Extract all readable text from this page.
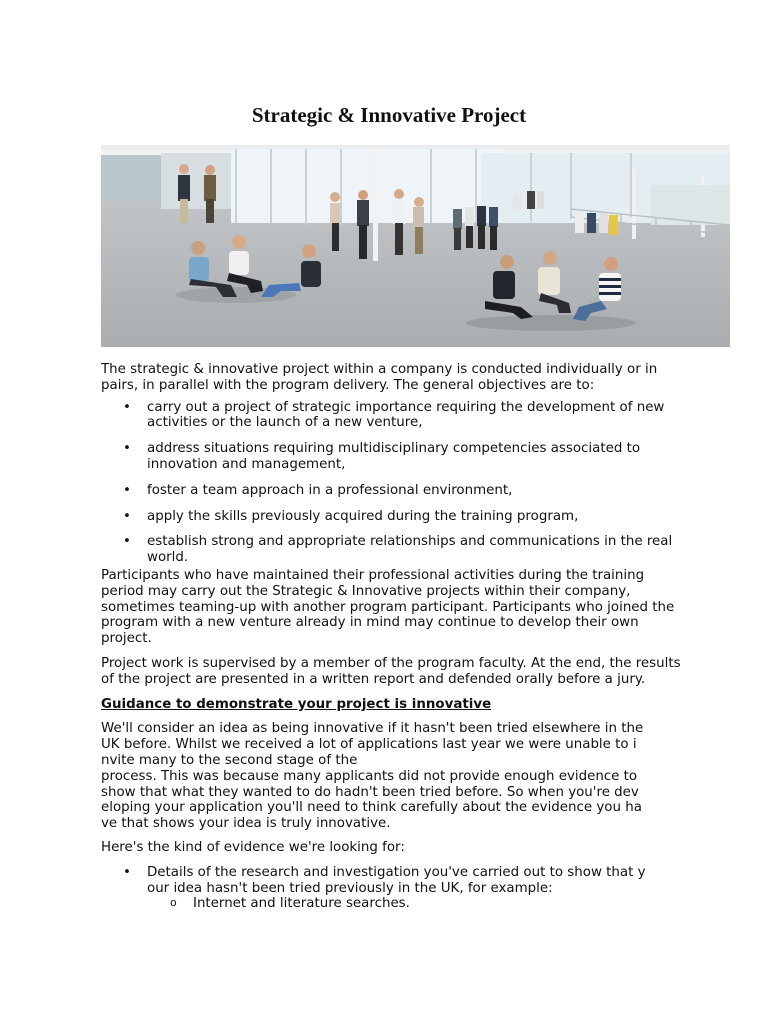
Strategic & Innovative Project

The strategic & innovative project within a company is conducted individually or in pairs, in parallel with the program delivery. The general objectives are to:

• carry out a project of strategic importance requiring the development of new activities or the launch of a new venture,
• address situations requiring multidisciplinary competencies associated to innovation and management,
• foster a team approach in a professional environment,
• apply the skills previously acquired during the training program,
• establish strong and appropriate relationships and communications in the real world.

Participants who have maintained their professional activities during the training period may carry out the Strategic & Innovative projects within their company, sometimes teaming-up with another program participant. Participants who joined the program with a new venture already in mind may continue to develop their own project.

Project work is supervised by a member of the program faculty. At the end, the results of the project are presented in a written report and defended orally before a jury.

Guidance to demonstrate your project is innovative

We'll consider an idea as being innovative if it hasn't been tried elsewhere in the
UK before. Whilst we received a lot of applications last year we were unable to i
nvite many to the second stage of the
process. This was because many applicants did not provide enough evidence to
show that what they wanted to do hadn't been tried before. So when you're dev
eloping your application you'll need to think carefully about the evidence you ha
ve that shows your idea is truly innovative.

Here's the kind of evidence we're looking for:

• Details of the research and investigation you've carried out to show that y
our idea hasn't been tried previously in the UK, for example:
o Internet and literature searches.
